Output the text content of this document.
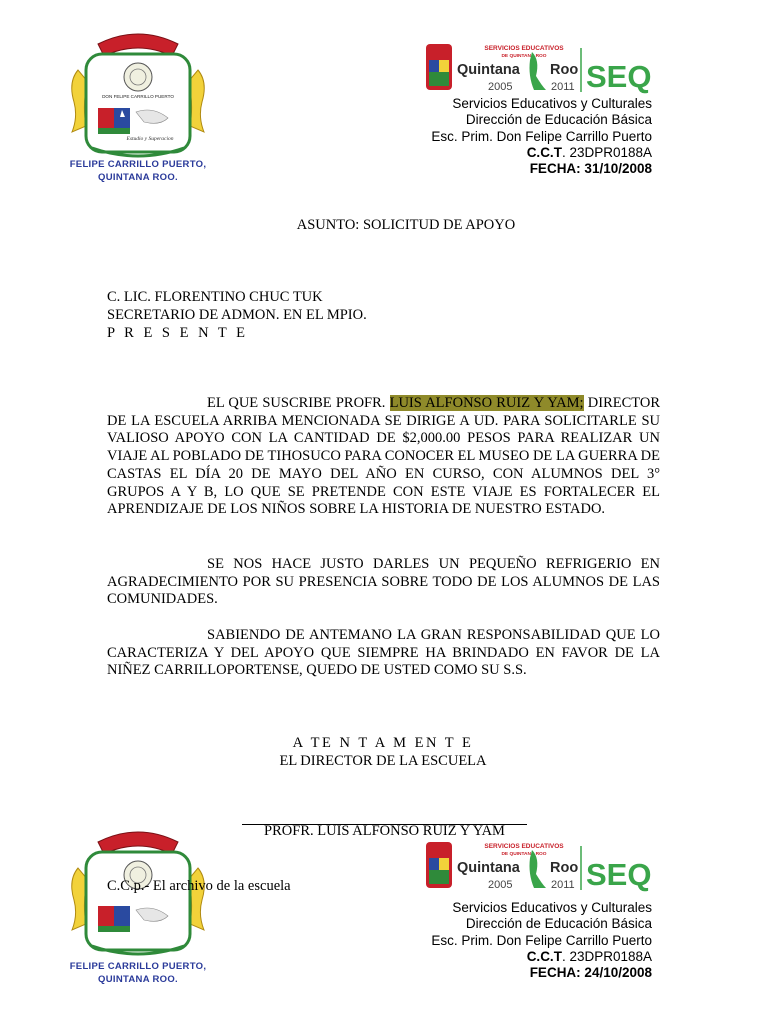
DON FELIPE CARRILLO PUERTO
Estudio y Superacion
FELIPE CARRILLO PUERTO,
QUINTANA ROO.
SERVICIOS EDUCATIVOS
DE QUINTANA ROO
Quintana Roo
2005	2011 SEQ
Servicios Educativos y Culturales
Dirección de Educación Básica
Esc. Prim. Don Felipe Carrillo Puerto
C.C.T. 23DPR0188A
FECHA: 31/10/2008
ASUNTO: SOLICITUD DE APOYO
C. LIC. FLORENTINO CHUC TUK
SECRETARIO DE ADMON. EN EL MPIO.
P R E S E N T E
EL QUE SUSCRIBE PROFR. LUIS ALFONSO RUIZ Y YAM; DIRECTOR DE LA ESCUELA ARRIBA MENCIONADA SE DIRIGE A UD. PARA SOLICITARLE SU VALIOSO APOYO CON LA CANTIDAD DE $2,000.00 PESOS PARA REALIZAR UN VIAJE AL POBLADO DE TIHOSUCO PARA CONOCER EL MUSEO DE LA GUERRA DE CASTAS EL DÍA 20 DE MAYO DEL AÑO EN CURSO, CON ALUMNOS DEL 3° GRUPOS A Y B, LO QUE SE PRETENDE CON ESTE VIAJE ES FORTALECER EL APRENDIZAJE DE LOS NIÑOS SOBRE LA HISTORIA DE NUESTRO ESTADO.
SE NOS HACE JUSTO DARLES UN PEQUEÑO REFRIGERIO EN AGRADECIMIENTO POR SU PRESENCIA SOBRE TODO DE LOS ALUMNOS DE LAS COMUNIDADES.
SABIENDO DE ANTEMANO LA GRAN RESPONSABILIDAD QUE LO CARACTERIZA Y DEL APOYO QUE SIEMPRE HA BRINDADO EN FAVOR DE LA NIÑEZ CARRILLOPORTENSE, QUEDO DE USTED COMO SU S.S.
A TE N T A M EN T E
EL DIRECTOR DE LA ESCUELA
PROFR. LUIS ALFONSO RUIZ Y YAM
FELIPE CARRILLO PUERTO,
QUINTANA ROO.
C.C.p.- El archivo de la escuela
SERVICIOS EDUCATIVOS
DE QUINTANA ROO
Quintana Roo
2005	2011 SEQ
Servicios Educativos y Culturales
Dirección de Educación Básica
Esc. Prim. Don Felipe Carrillo Puerto
C.C.T. 23DPR0188A
FECHA: 24/10/2008
